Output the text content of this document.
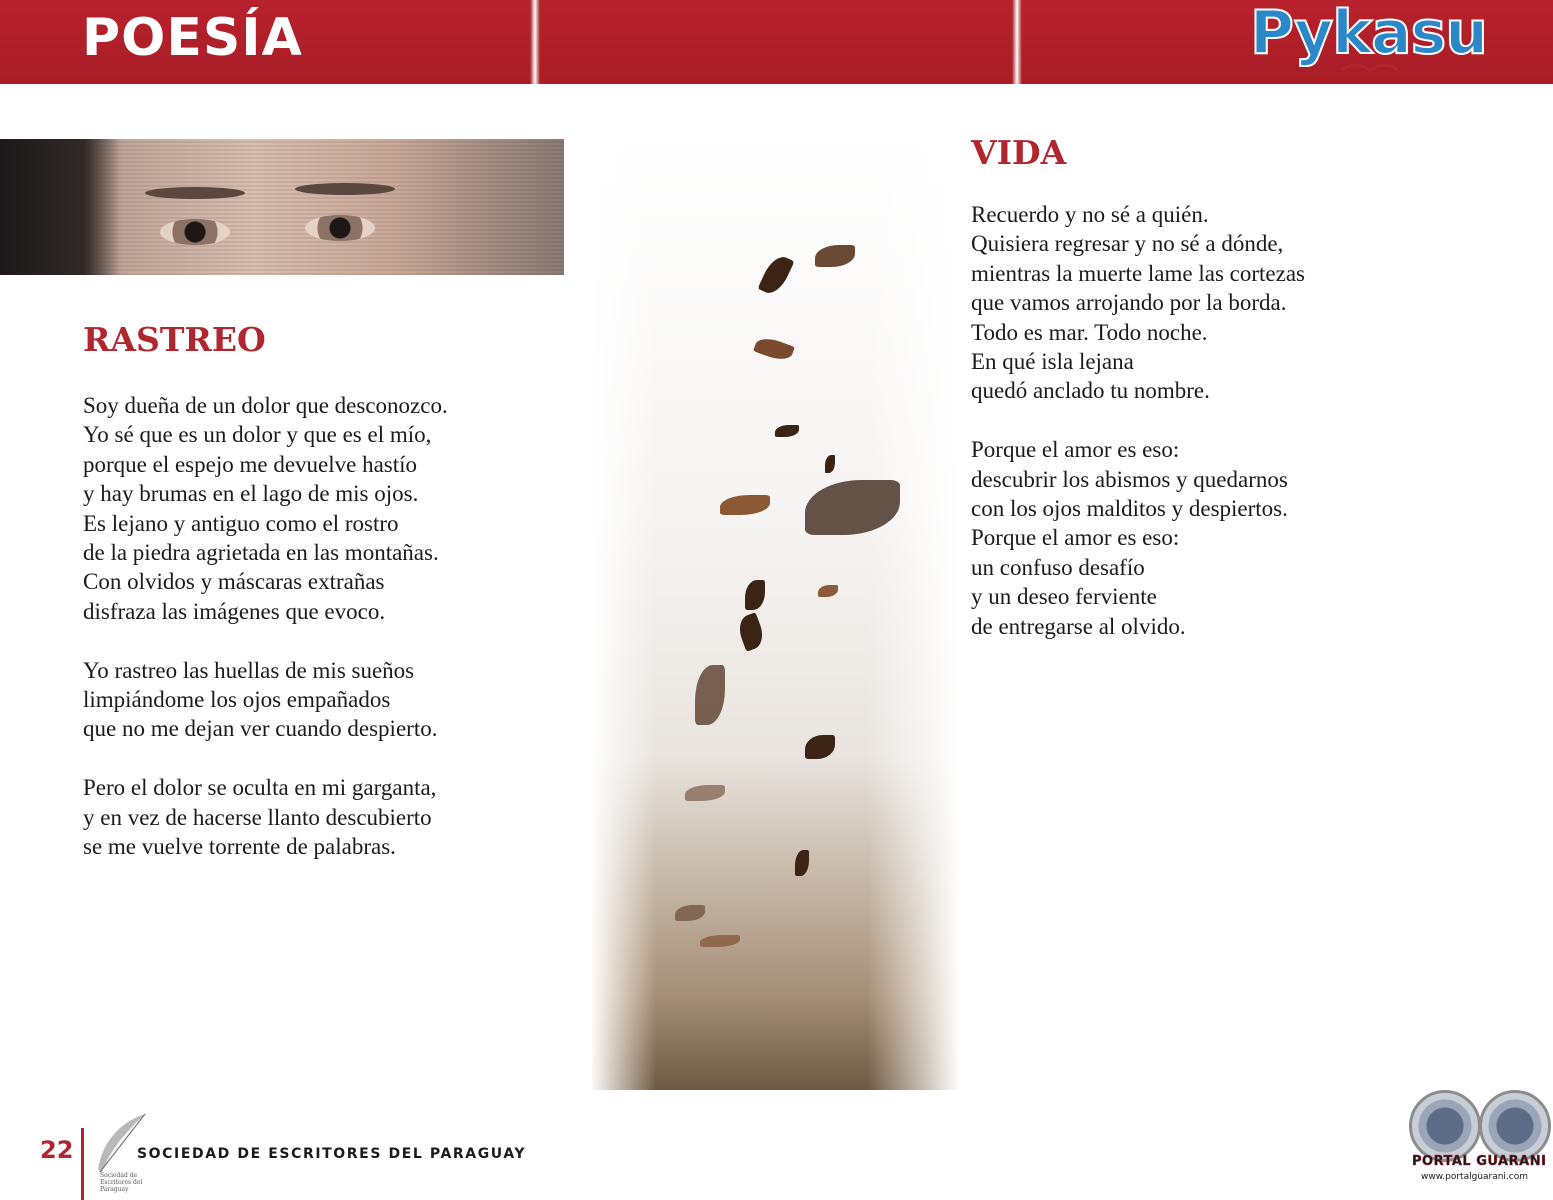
POESÍA	Pykasu
RASTREO

Soy dueña de un dolor que desconozco.
Yo sé que es un dolor y que es el mío,
porque el espejo me devuelve hastío
y hay brumas en el lago de mis ojos.
Es lejano y antiguo como el rostro
de la piedra agrietada en las montañas.
Con olvidos y máscaras extrañas
disfraza las imágenes que evoco.

Yo rastreo las huellas de mis sueños
limpiándome los ojos empañados
que no me dejan ver cuando despierto.

Pero el dolor se oculta en mi garganta,
y en vez de hacerse llanto descubierto
se me vuelve torrente de palabras.

VIDA

Recuerdo y no sé a quién.
Quisiera regresar y no sé a dónde,
mientras la muerte lame las cortezas
que vamos arrojando por la borda.
Todo es mar. Todo noche.
En qué isla lejana
quedó anclado tu nombre.

Porque el amor es eso:
descubrir los abismos y quedarnos
con los ojos malditos y despiertos.
Porque el amor es eso:
un confuso desafío
y un deseo ferviente
de entregarse al olvido.

22

Sociedad de Escritores del Paraguay

SOCIEDAD DE ESCRITORES DEL PARAGUAY	PORTAL GUARANI
www.portalguarani.com
